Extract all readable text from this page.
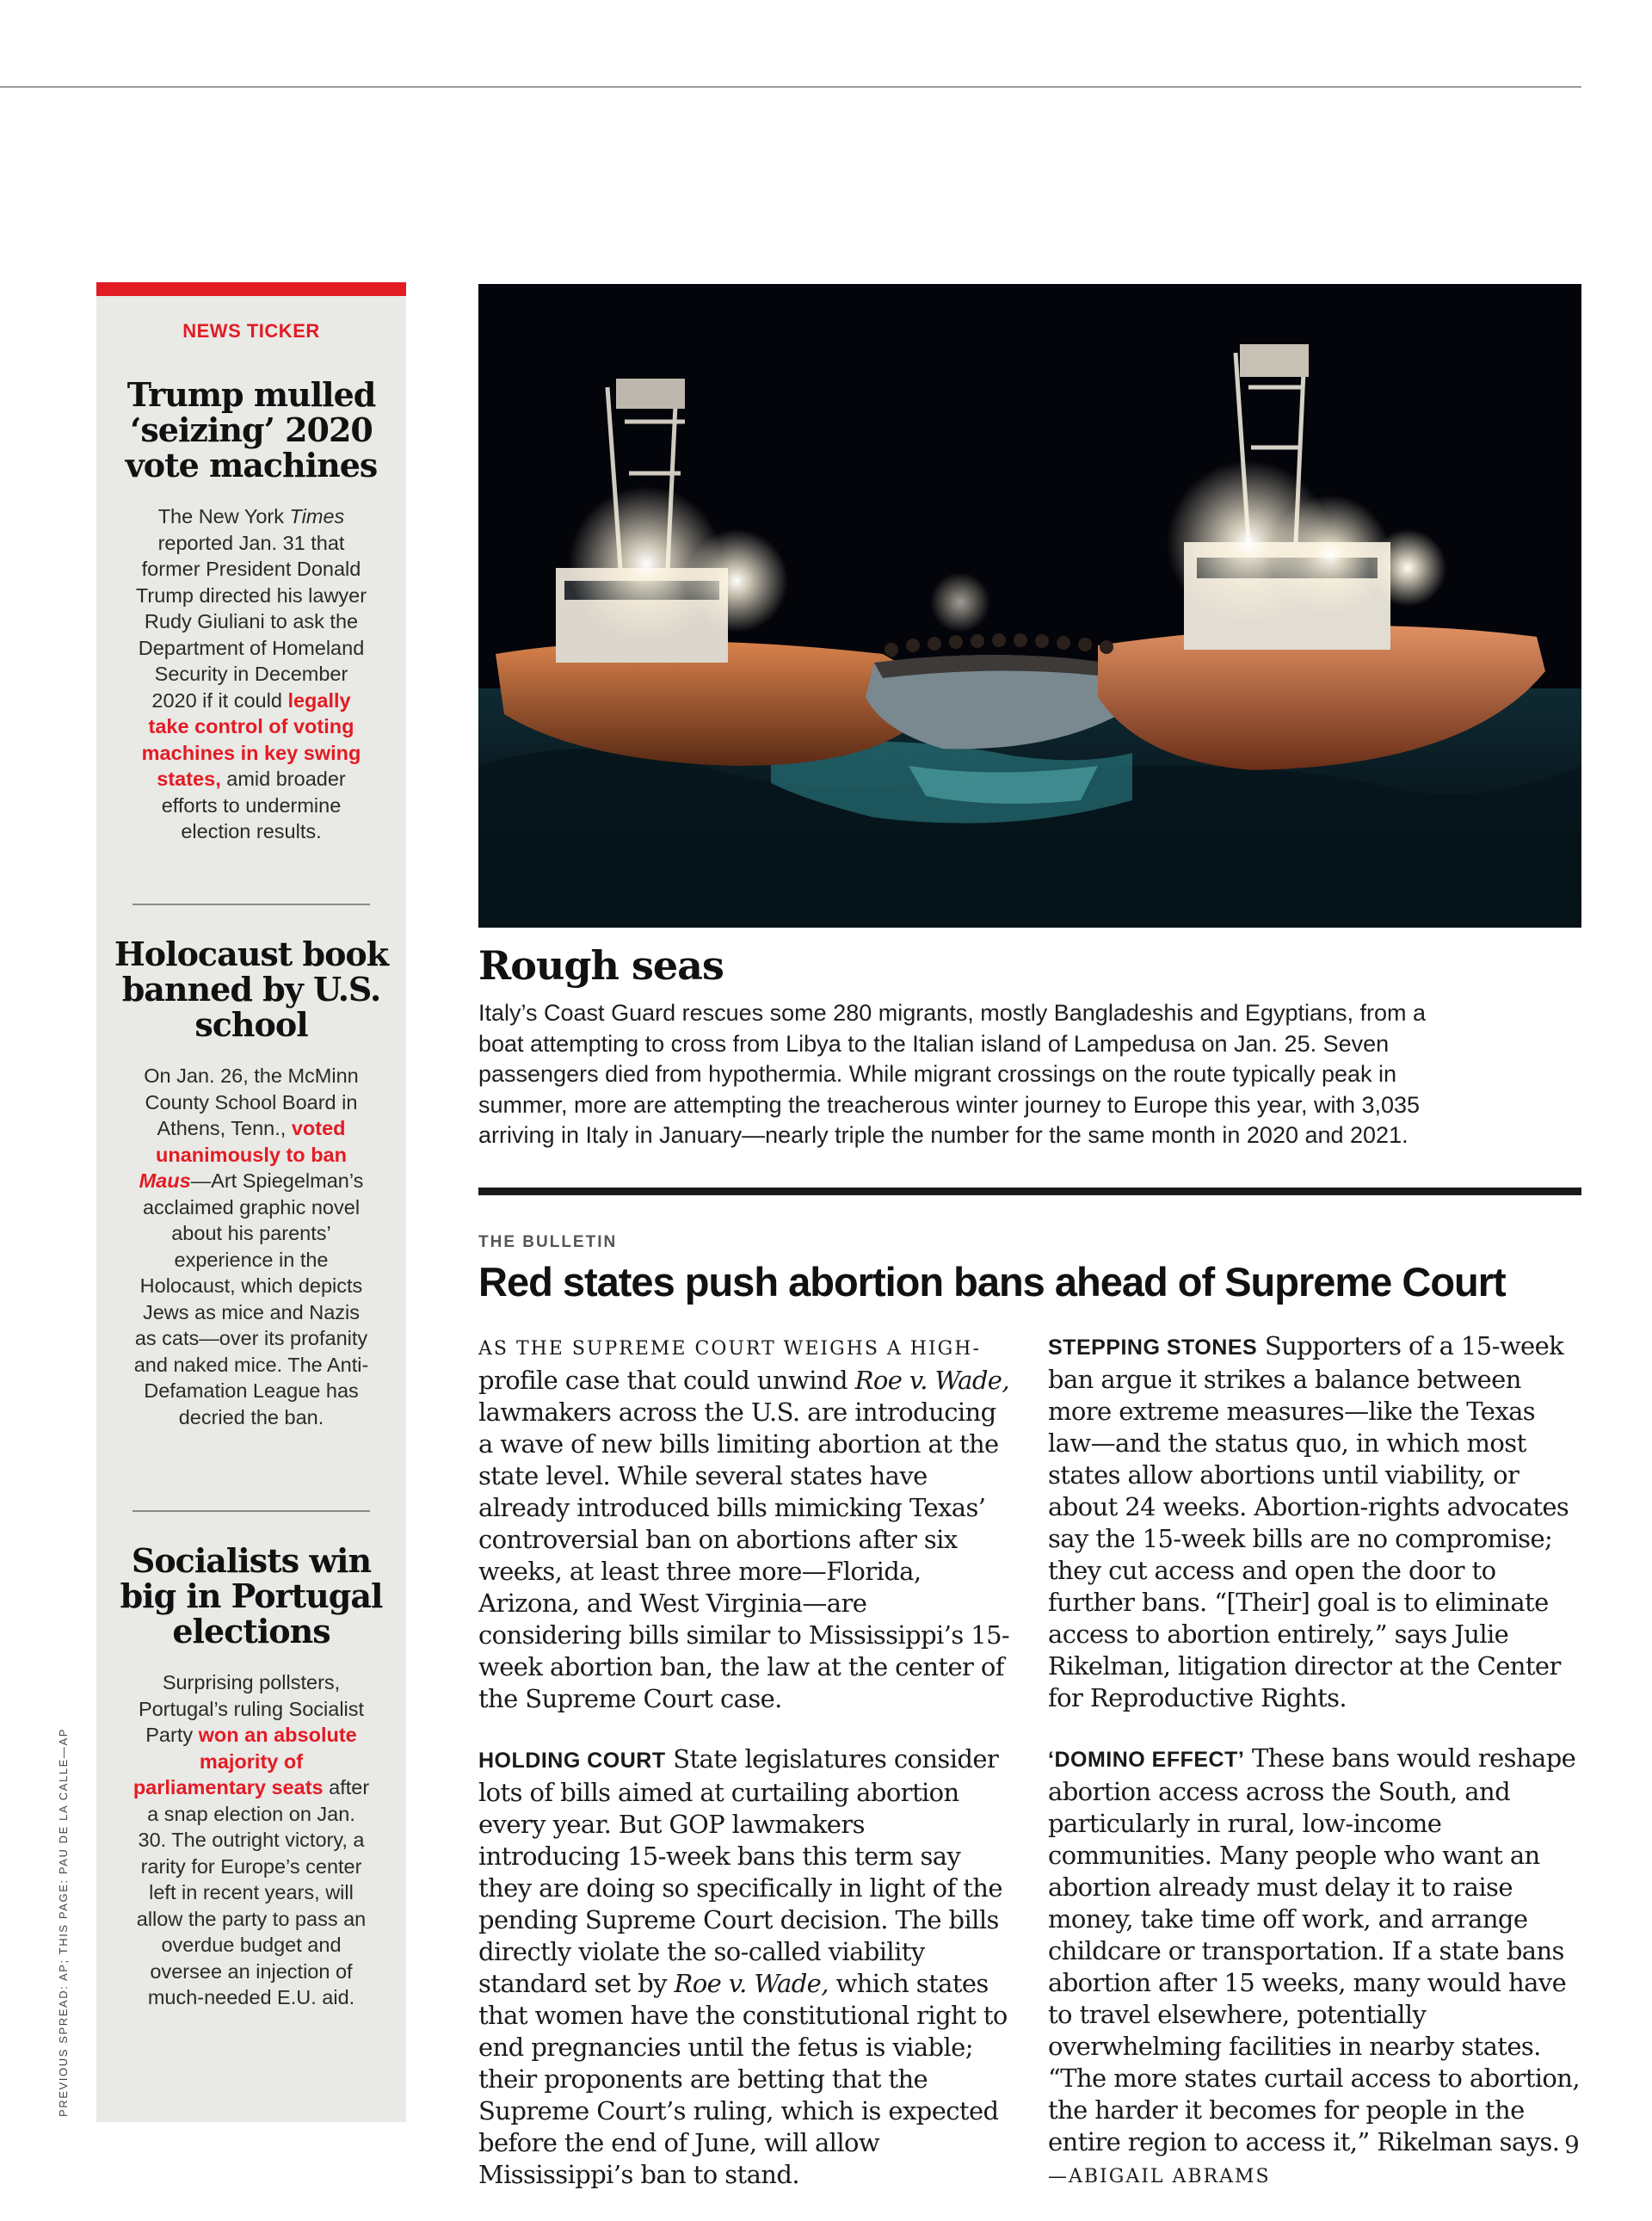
NEWS TICKER
Trump mulled ‘seizing’ 2020 vote machines

The New York Times reported Jan. 31 that former President Donald Trump directed his lawyer Rudy Giuliani to ask the Department of Homeland Security in December 2020 if it could legally take control of voting machines in key swing states, amid broader efforts to undermine election results.

Holocaust book banned by U.S. school

On Jan. 26, the McMinn County School Board in Athens, Tenn., voted unanimously to ban Maus—Art Spiegelman’s acclaimed graphic novel about his parents’ experience in the Holocaust, which depicts Jews as mice and Nazis as cats—over its profanity and naked mice. The Anti-Defamation League has decried the ban.

Socialists win big in Portugal elections

Surprising pollsters, Portugal’s ruling Socialist Party won an absolute majority of parliamentary seats after a snap election on Jan. 30. The outright victory, a rarity for Europe’s center left in recent years, will allow the party to pass an overdue budget and oversee an injection of much-needed E.U. aid.

PREVIOUS SPREAD: AP; THIS PAGE: PAU DE LA CALLE—AP
Rough seas
Italy’s Coast Guard rescues some 280 migrants, mostly Bangladeshis and Egyptians, from a boat attempting to cross from Libya to the Italian island of Lampedusa on Jan. 25. Seven passengers died from hypothermia. While migrant crossings on the route typically peak in summer, more are attempting the treacherous winter journey to Europe this year, with 3,035 arriving in Italy in January—nearly triple the number for the same month in 2020 and 2021.
THE BULLETIN
Red states push abortion bans ahead of Supreme Court

AS THE SUPREME COURT WEIGHS A HIGH- profile case that could unwind Roe v. Wade, lawmakers across the U.S. are introducing a wave of new bills limiting abortion at the state level. While several states have already introduced bills mimicking Texas’ controversial ban on abortions after six weeks, at least three more—Florida, Arizona, and West Virginia—are considering bills similar to Mississippi’s 15-week abortion ban, the law at the center of the Supreme Court case.

HOLDING COURT State legislatures consider lots of bills aimed at curtailing abortion every year. But GOP lawmakers introducing 15-week bans this term say they are doing so specifically in light of the pending Supreme Court decision. The bills directly violate the so-called viability standard set by Roe v. Wade, which states that women have the constitutional right to end pregnancies until the fetus is viable; their proponents are betting that the Supreme Court’s ruling, which is expected before the end of June, will allow Mississippi’s ban to stand.

STEPPING STONES Supporters of a 15-week ban argue it strikes a balance between more extreme measures—like the Texas law—and the status quo, in which most states allow abortions until viability, or about 24 weeks. Abortion-rights advocates say the 15-week bills are no compromise; they cut access and open the door to further bans. “[Their] goal is to eliminate access to abortion entirely,” says Julie Rikelman, litigation director at the Center for Reproductive Rights.

‘DOMINO EFFECT’ These bans would reshape abortion access across the South, and particularly in rural, low-income communities. Many people who want an abortion already must delay it to raise money, take time off work, and arrange childcare or transportation. If a state bans abortion after 15 weeks, many would have to travel elsewhere, potentially overwhelming facilities in nearby states. “The more states curtail access to abortion, the harder it becomes for people in the entire region to access it,” Rikelman says. —ABIGAIL ABRAMS

9
